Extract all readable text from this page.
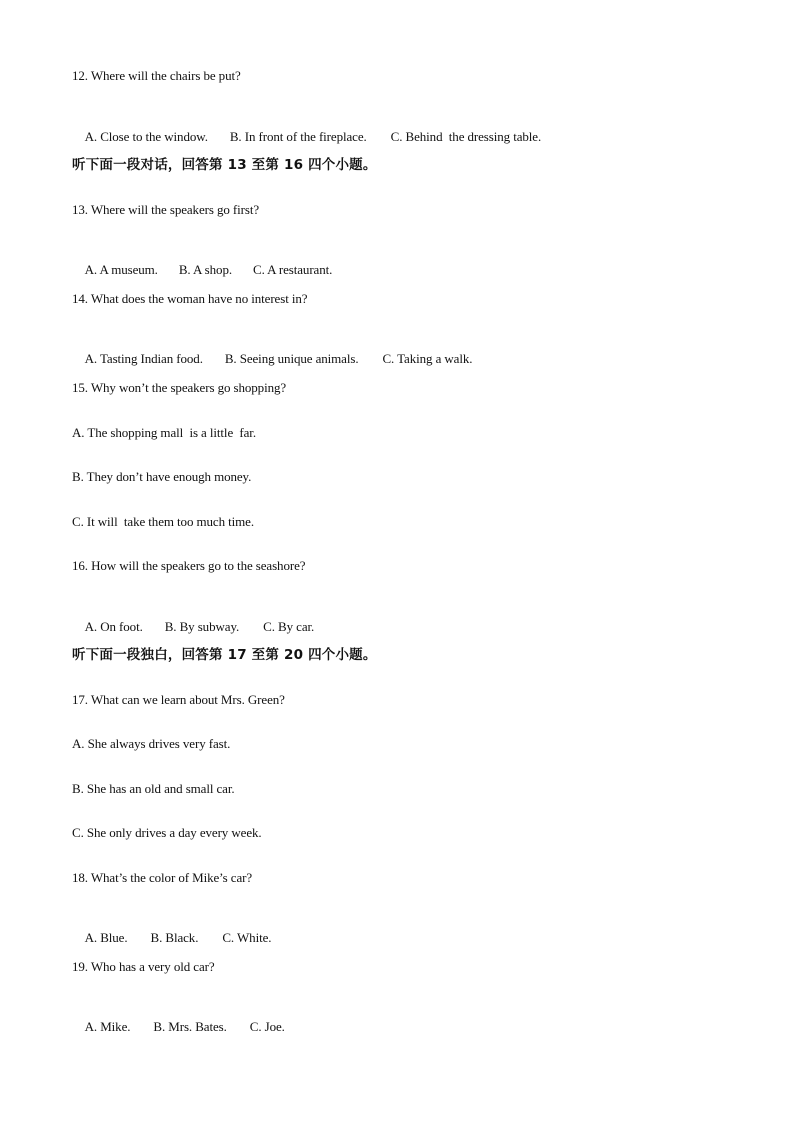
12. Where will the chairs be put?

A. Close to the window. B. In front of the fireplace. C. Behind  the dressing table.

听下面一段对话，回答第 13 至第 16 四个小题。
13. Where will the speakers go first?

A. A museum. B. A shop. C. A restaurant.

14. What does the woman have no interest in?

A. Tasting Indian food. B. Seeing unique animals. C. Taking a walk.

15. Why won’t the speakers go shopping?
A. The shopping mall  is a little  far.
B. They don’t have enough money.
C. It will  take them too much time.
16. How will the speakers go to the seashore?

A. On foot. B. By subway. C. By car.

听下面一段独白，回答第 17 至第 20 四个小题。
17. What can we learn about Mrs. Green?
A. She always drives very fast.
B. She has an old and small car.
C. She only drives a day every week.
18. What’s the color of Mike’s car?

A. Blue. B. Black. C. White.

19. Who has a very old car?

A. Mike. B. Mrs. Bates. C. Joe.
